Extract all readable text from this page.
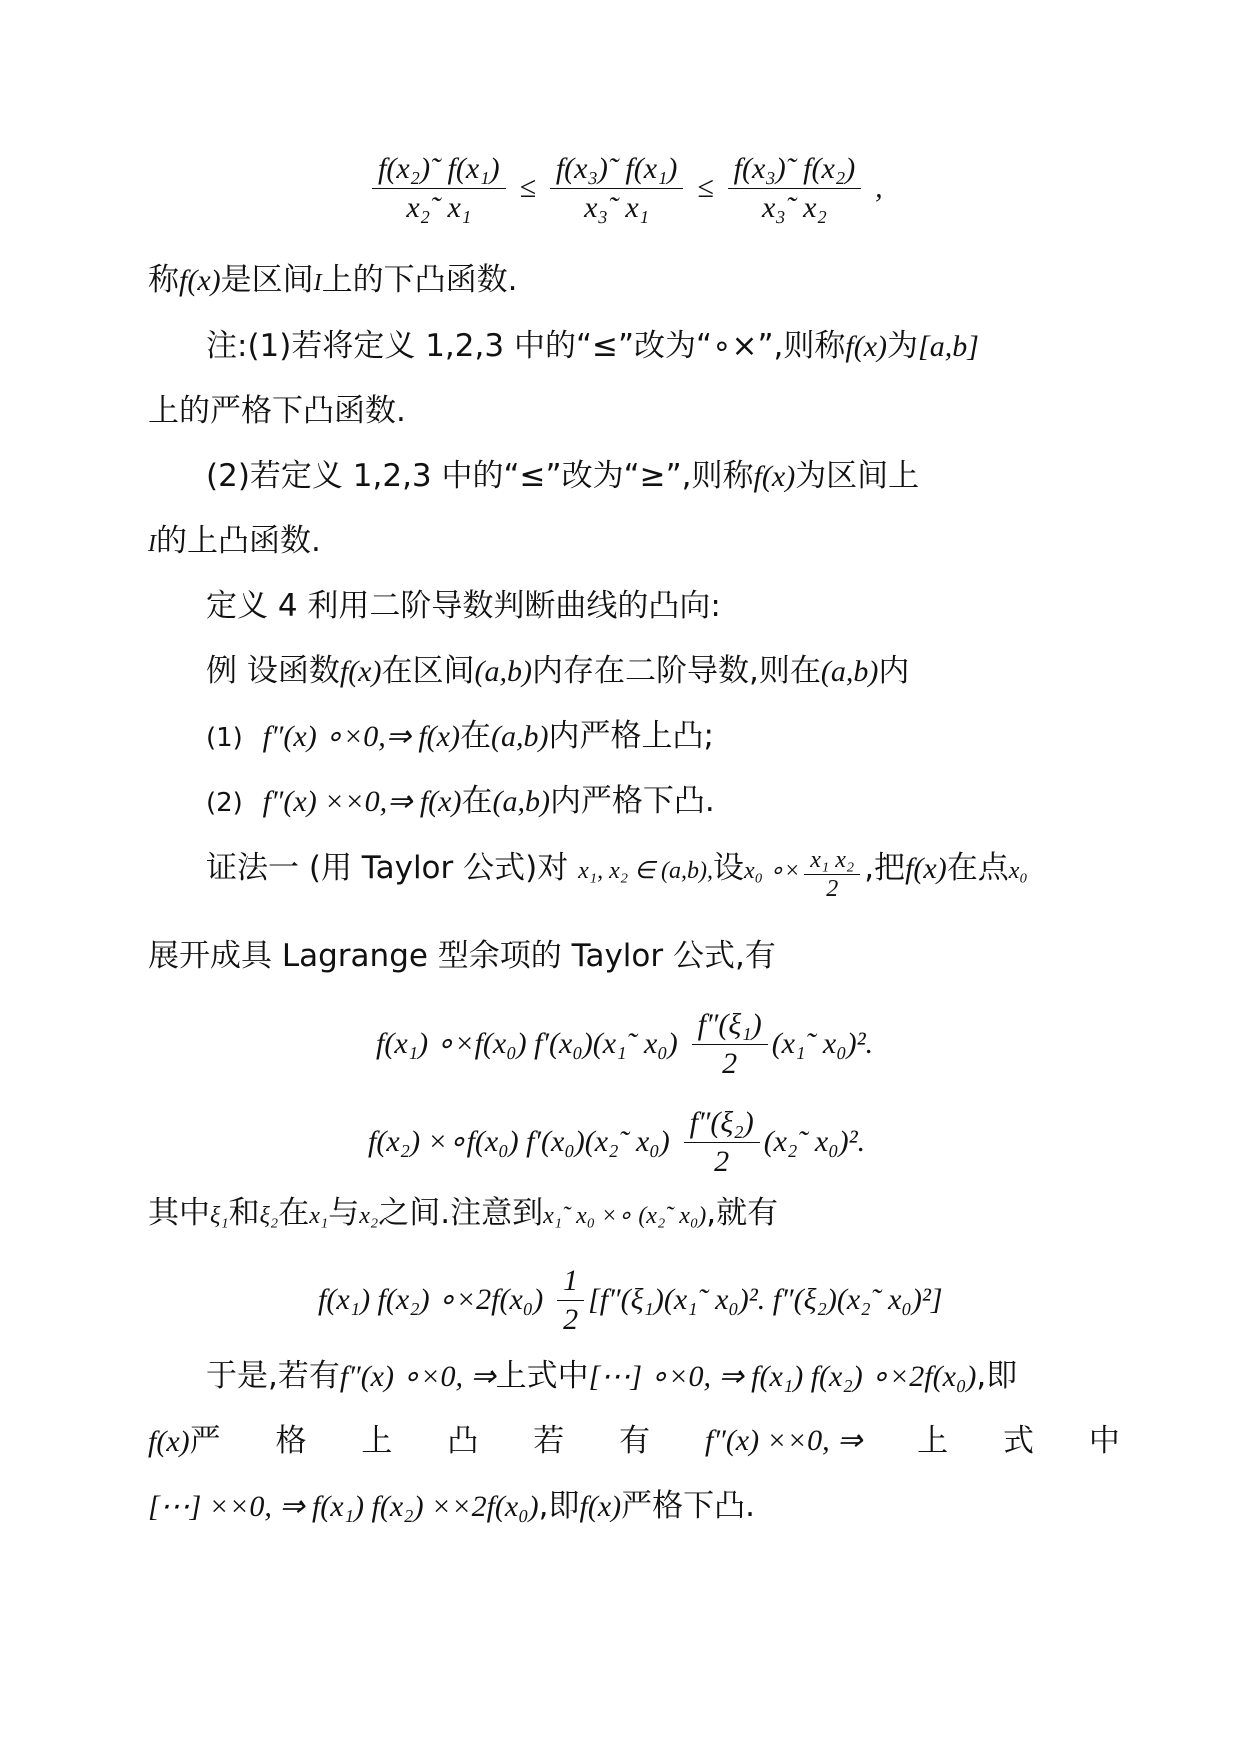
$\frac{\text{f(x₂)˜ f(x₁)}}{\text{x₂˜ x₁}} \le \frac{\text{f(x₃)˜ f(x₁)}}{\text{x₃˜ x₁}} \le \frac{\text{f(x₃)˜ f(x₂)}}{\text{x₃˜ x₂}}$ ,
称f(x)是区间I上的下凸函数.
注:(1)若将定义 1,2,3 中的“≤”改为“∘×”,则称f(x)为[a,b]
上的严格下凸函数.
(2)若定义 1,2,3 中的“≤”改为“≥”,则称f(x)为区间上
I的上凸函数.
定义 4 利用二阶导数判断曲线的凸向:
例 设函数f(x)在区间(a,b)内存在二阶导数,则在(a,b)内
(1) f″(x) ∘×0,⇒ f(x)在(a,b)内严格上凸;
(2) f″(x) ××0,⇒ f(x)在(a,b)内严格下凸.
证法一 (用 Taylor 公式)对 x₁, x₂ ∈ (a,b),设x₀ ∘× $\frac{\text{x₁ x₂}}{2}$ ,把f(x)在点x₀
展开成具 Lagrange 型余项的 Taylor 公式,有
f(x₁) ∘×f(x₀) f′(x₀)(x₁˜ $x_0) \frac{\text{f″(ξ₁)}}{2}$ (x₁˜ x₀)².
f(x₂) ×∘f(x₀) f′(x₀)(x₂˜ $x_0) \frac{\text{f″(ξ₂)}}{2}$ (x₂˜ x₀)².
其中ξ₁和ξ₂在x₁与x₂之间.注意到x₁˜ x₀ ×∘ (x₂˜ x₀),就有
f(x₁) f(x₂) ∘×2f(x₀) $\frac{1}{2}$ [f″(ξ₁)(x₁˜ x₀)². f″(ξ₂)(x₂˜ x₀)²]
于是,若有f″(x) ∘×0, ⇒上式中[⋯] ∘×0, ⇒ f(x₁) f(x₂) ∘×2f(x₀),即
f(x)严 格 上 凸 若 有 f″(x) ××0, ⇒ 上 式 中
[⋯] ××0, ⇒ f(x₁) f(x₂) ××2f(x₀),即f(x)严格下凸.
